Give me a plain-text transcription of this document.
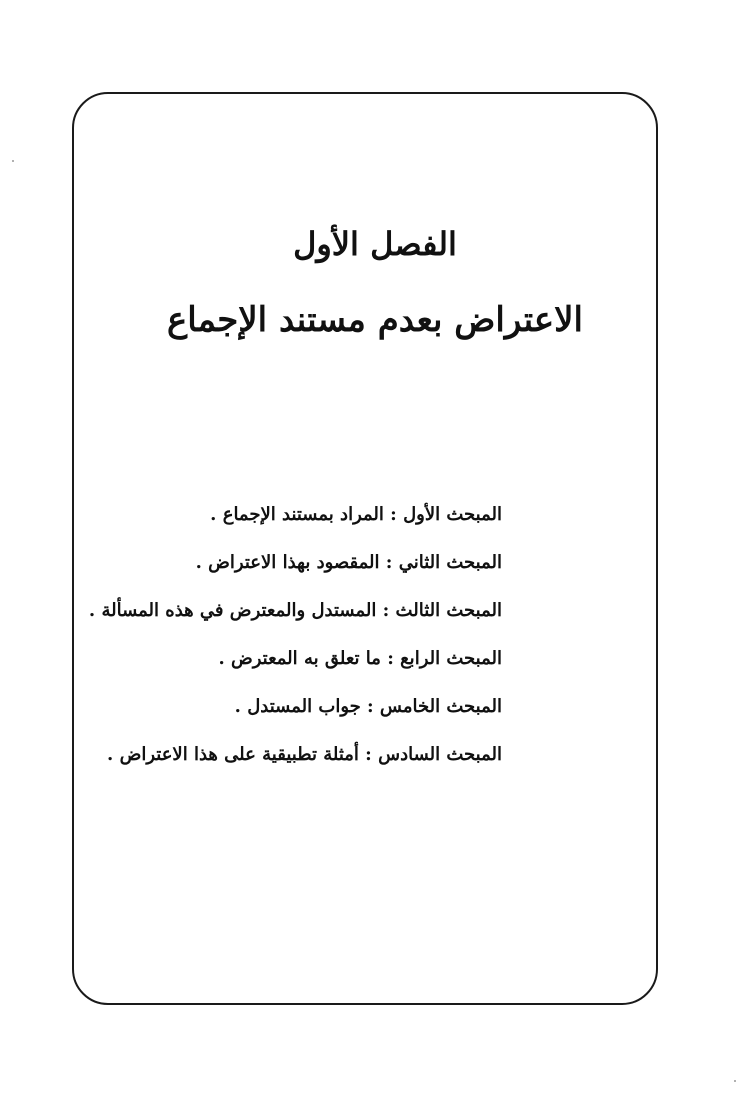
الفصل الأول
الاعتراض بعدم مستند الإجماع
المبحث الأول : المراد بمستند الإجماع .
المبحث الثاني : المقصود بهذا الاعتراض .
المبحث الثالث : المستدل والمعترض في هذه المسألة .
المبحث الرابع : ما تعلق به المعترض .
المبحث الخامس : جواب المستدل .
المبحث السادس : أمثلة تطبيقية على هذا الاعتراض .
